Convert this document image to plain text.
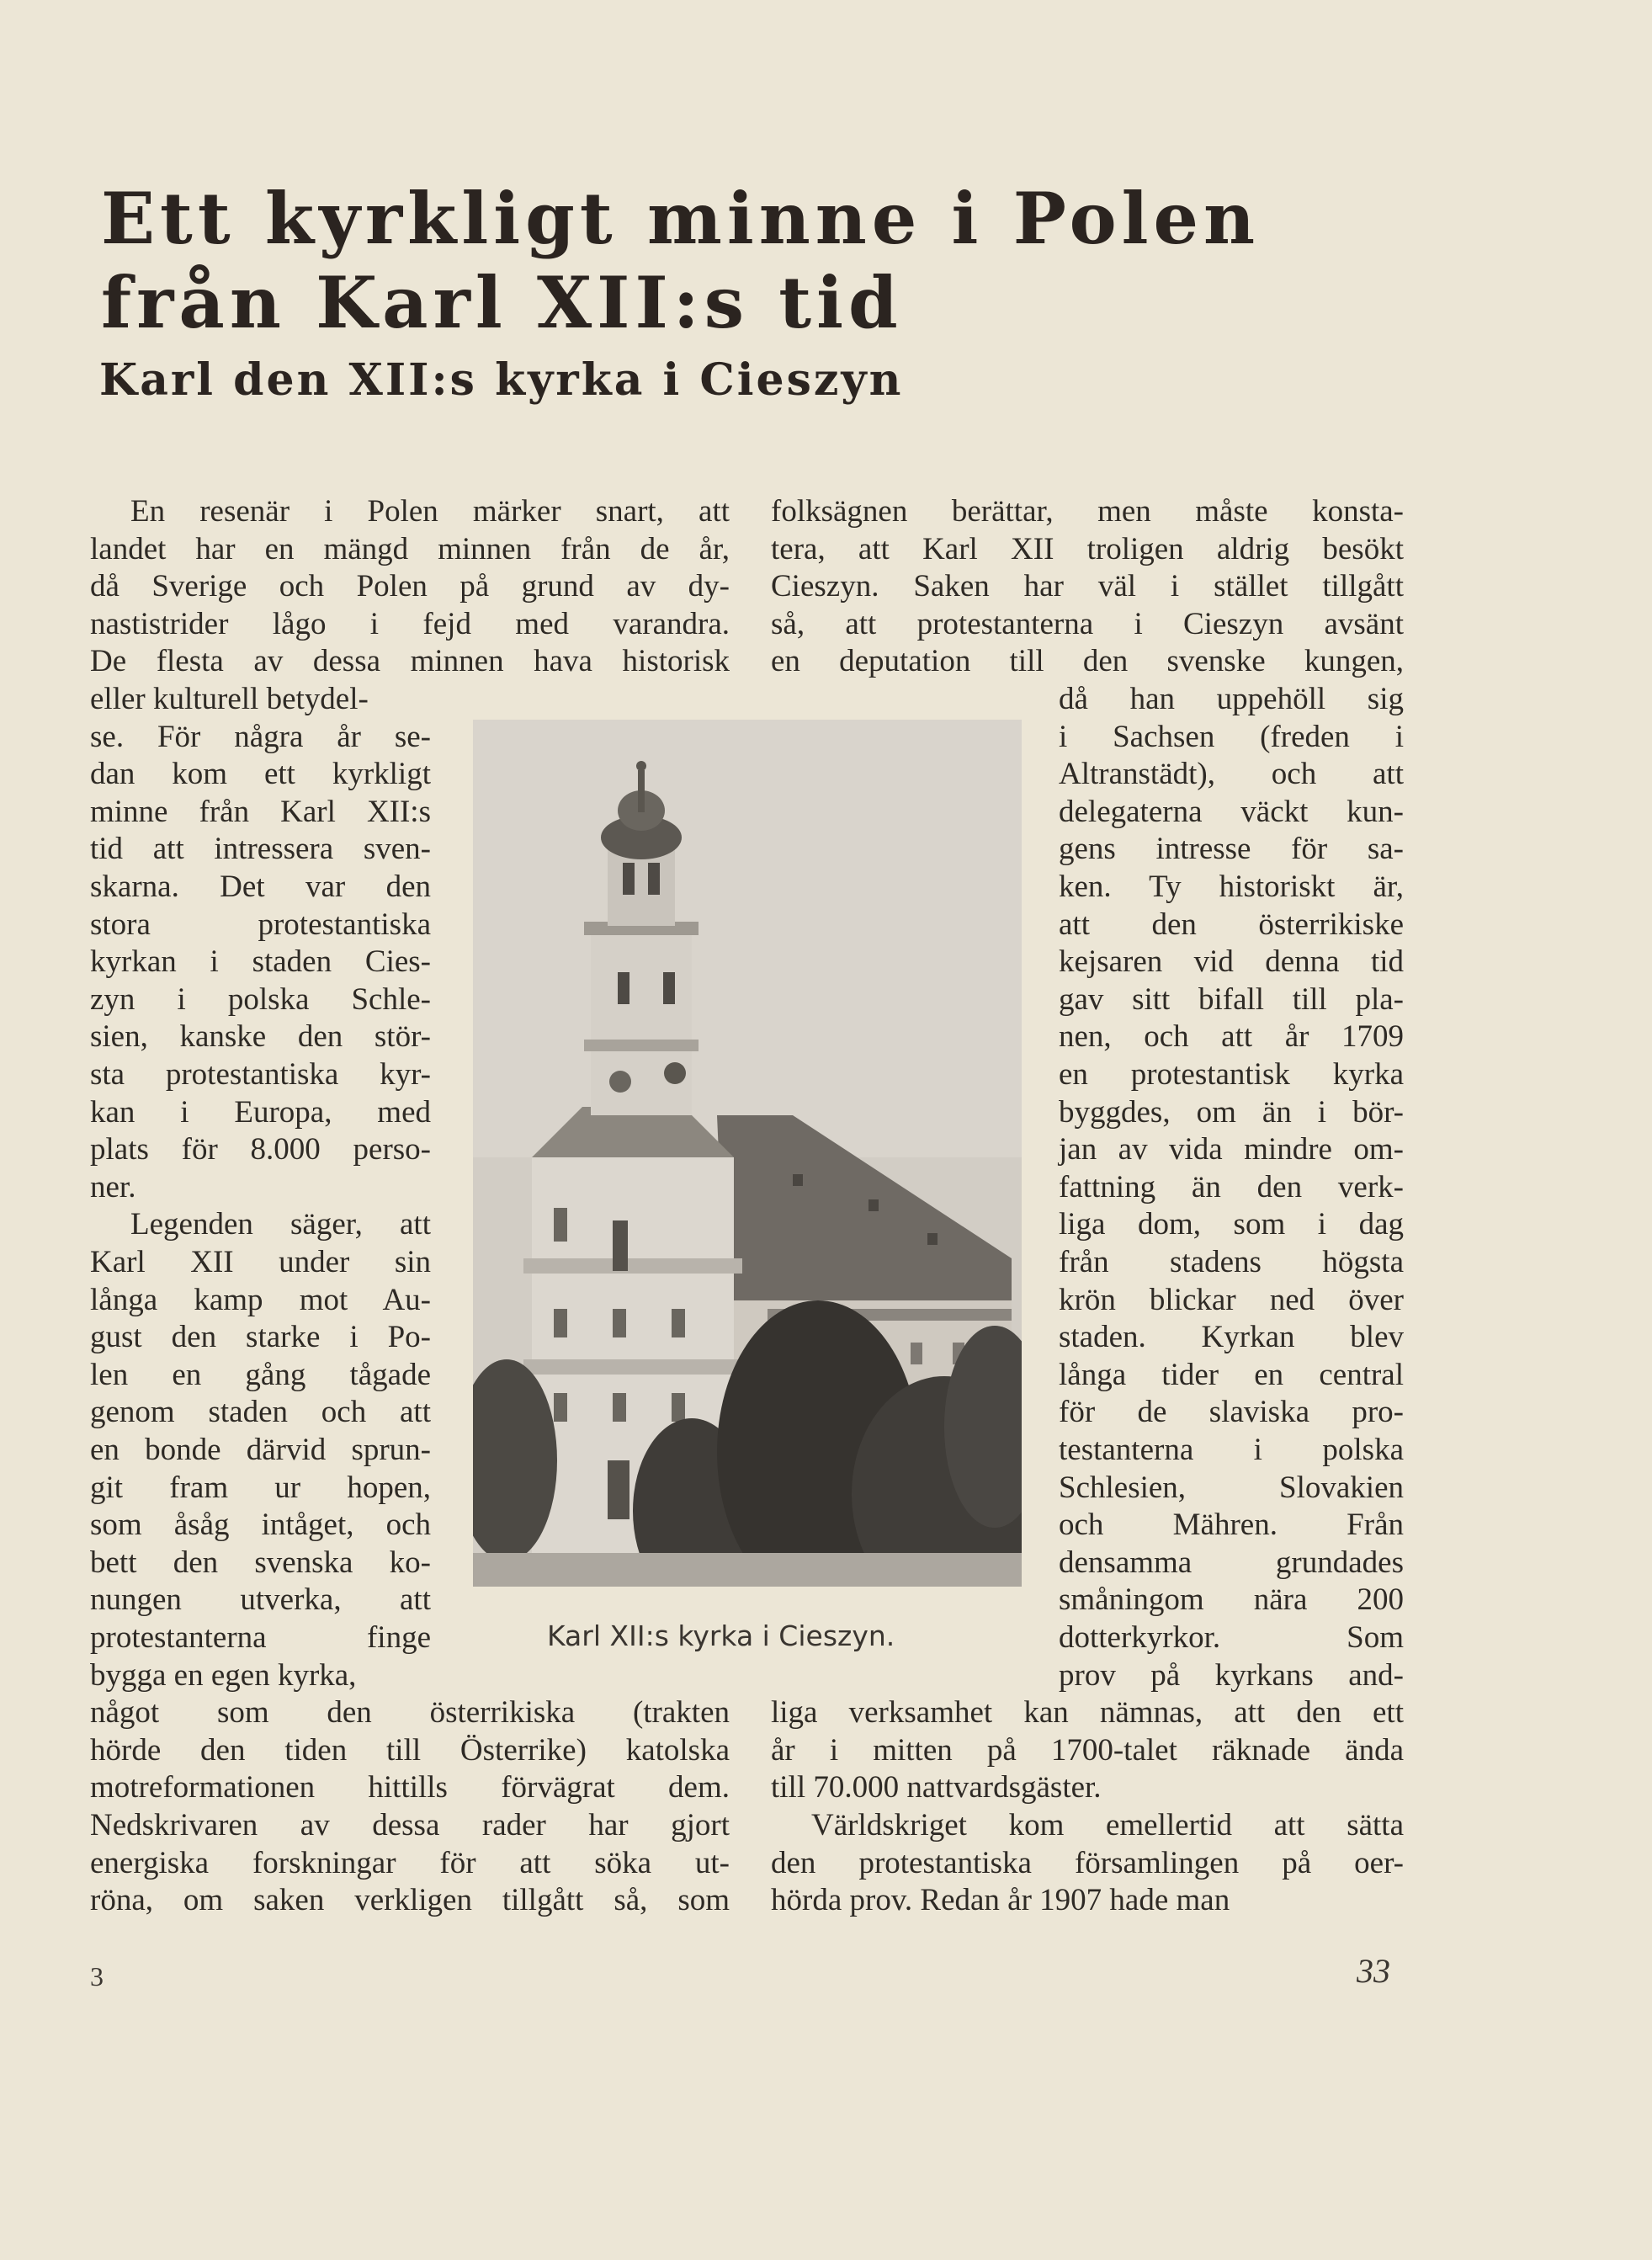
Ett kyrkligt minne i Polen
från Karl XII:s tid
Karl den XII:s kyrka i Cieszyn
En resenär i Polen märker snart, att
landet har en mängd minnen från de år,
då Sverige och Polen på grund av dy-
nastistrider lågo i fejd med varandra.
De flesta av dessa minnen hava historisk
eller kulturell betydel-
se. För några år se-
dan kom ett kyrkligt
minne från Karl XII:s
tid att intressera sven-
skarna. Det var den
stora protestantiska
kyrkan i staden Cies-
zyn i polska Schle-
sien, kanske den stör-
sta protestantiska kyr-
kan i Europa, med
plats för 8.000 perso-
ner.
Legenden säger, att
Karl XII under sin
långa kamp mot Au-
gust den starke i Po-
len en gång tågade
genom staden och att
en bonde därvid sprun-
git fram ur hopen,
som åsåg intåget, och
bett den svenska ko-
nungen utverka, att
protestanterna finge
bygga en egen kyrka,
något som den österrikiska (trakten
hörde den tiden till Österrike) katolska
motreformationen hittills förvägrat dem.
Nedskrivaren av dessa rader har gjort
energiska forskningar för att söka ut-
röna, om saken verkligen tillgått så, som
folksägnen berättar, men måste konsta-
tera, att Karl XII troligen aldrig besökt
Cieszyn. Saken har väl i stället tillgått
så, att protestanterna i Cieszyn avsänt
en deputation till den svenske kungen,
då han uppehöll sig
i Sachsen (freden i
Altranstädt), och att
delegaterna väckt kun-
gens intresse för sa-
ken. Ty historiskt är,
att den österrikiske
kejsaren vid denna tid
gav sitt bifall till pla-
nen, och att år 1709
en protestantisk kyrka
byggdes, om än i bör-
jan av vida mindre om-
fattning än den verk-
liga dom, som i dag
från stadens högsta
krön blickar ned över
staden. Kyrkan blev
långa tider en central
för de slaviska pro-
testanterna i polska
Schlesien, Slovakien
och Mähren. Från
densamma grundades
småningom nära 200
dotterkyrkor. Som
prov på kyrkans and-
liga verksamhet kan nämnas, att den ett
år i mitten på 1700-talet räknade ända
till 70.000 nattvardsgäster.
Världskriget kom emellertid att sätta
den protestantiska församlingen på oer-
hörda prov. Redan år 1907 hade man
Karl XII:s kyrka i Cieszyn.
3	33
